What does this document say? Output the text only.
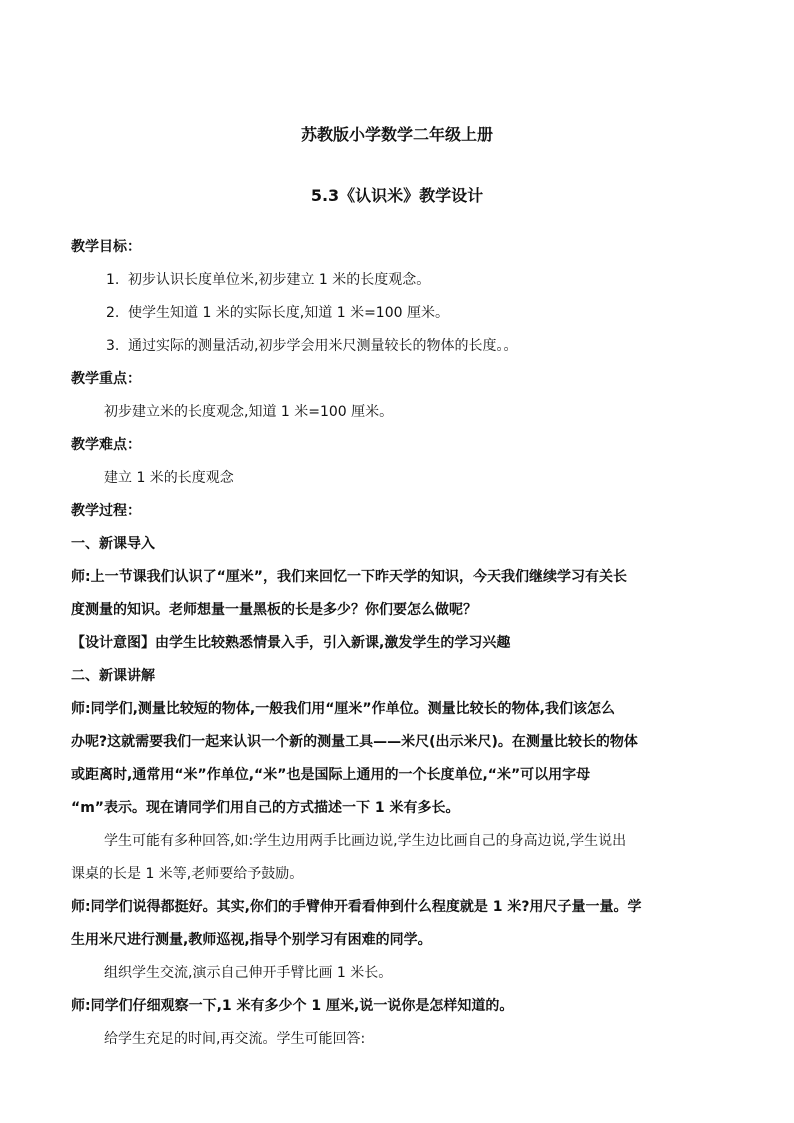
苏教版小学数学二年级上册
5.3《认识米》教学设计
教学目标：
1. 初步认识长度单位米,初步建立 1 米的长度观念。
2. 使学生知道 1 米的实际长度,知道 1 米=100 厘米。
3. 通过实际的测量活动,初步学会用米尺测量较长的物体的长度。。
教学重点：
初步建立米的长度观念,知道 1 米=100 厘米。
教学难点：
建立 1 米的长度观念
教学过程：
一、新课导入
师:上一节课我们认识了“厘米”，我们来回忆一下昨天学的知识，今天我们继续学习有关长
度测量的知识。老师想量一量黑板的长是多少？你们要怎么做呢？
【设计意图】由学生比较熟悉情景入手，引入新课,激发学生的学习兴趣
二、新课讲解
师:同学们,测量比较短的物体,一般我们用“厘米”作单位。测量比较长的物体,我们该怎么
办呢?这就需要我们一起来认识一个新的测量工具——米尺(出示米尺)。在测量比较长的物体
或距离时,通常用“米”作单位,“米”也是国际上通用的一个长度单位,“米”可以用字母
“m”表示。现在请同学们用自己的方式描述一下 1 米有多长。
学生可能有多种回答,如:学生边用两手比画边说,学生边比画自己的身高边说,学生说出
课桌的长是 1 米等,老师要给予鼓励。
师:同学们说得都挺好。其实,你们的手臂伸开看看伸到什么程度就是 1 米?用尺子量一量。学
生用米尺进行测量,教师巡视,指导个别学习有困难的同学。
组织学生交流,演示自己伸开手臂比画 1 米长。
师:同学们仔细观察一下,1 米有多少个 1 厘米,说一说你是怎样知道的。
给学生充足的时间,再交流。学生可能回答:
